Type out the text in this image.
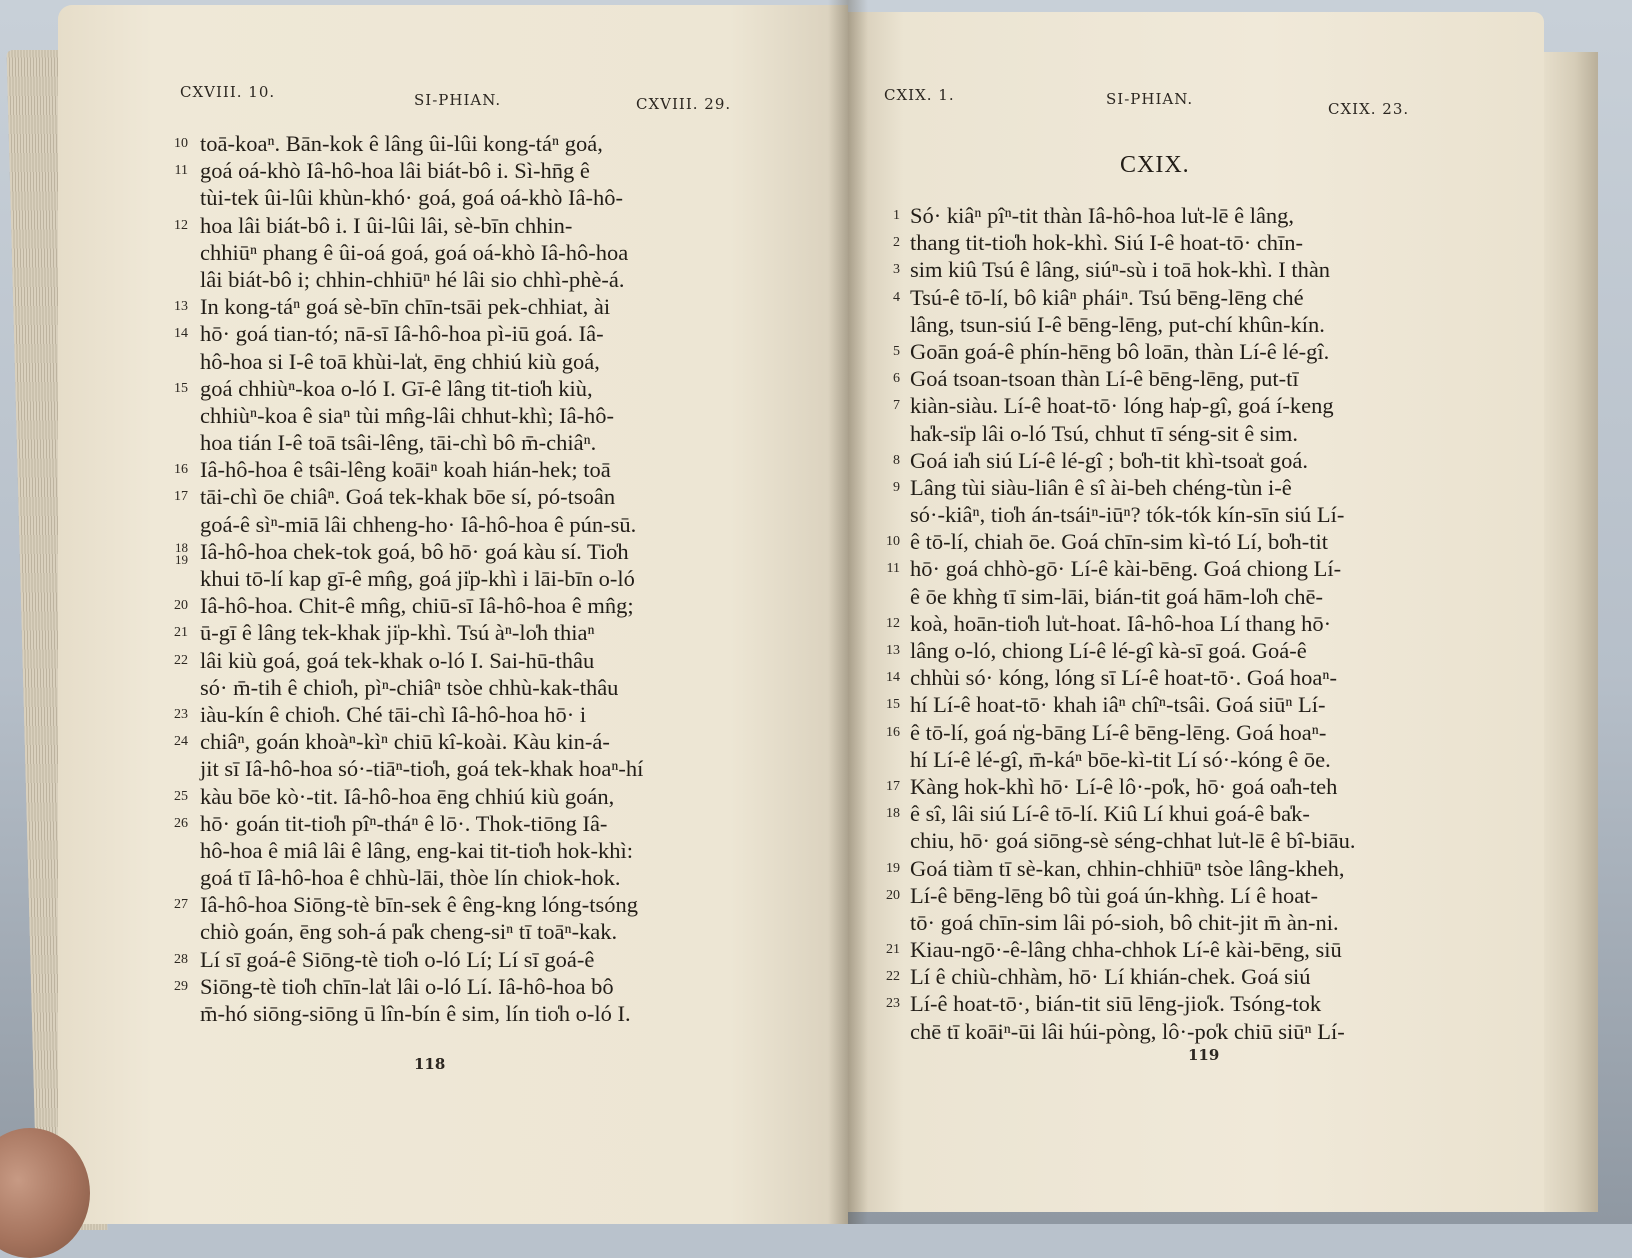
CXVIII. 10.	SI-PHIAN.	CXVIII. 29.
10 toā-koaⁿ. Bān-kok ê lâng ûi-lûi kong-táⁿ goá,
11 goá oá-khò Iâ-hô-hoa lâi biát-bô i. Sì-hn̄g ê
tùi-tek ûi-lûi khùn-khó· goá, goá oá-khò Iâ-hô-
12 hoa lâi biát-bô i. I ûi-lûi lâi, sè-bīn chhin-
chhiūⁿ phang ê ûi-oá goá, goá oá-khò Iâ-hô-hoa
lâi biát-bô i; chhin-chhiūⁿ hé lâi sio chhì-phè-á.
13 In kong-táⁿ goá sè-bīn chīn-tsāi pek-chhiat, ài
14 hō· goá tian-tó; nā-sī Iâ-hô-hoa pì-iū goá. Iâ-
hô-hoa si I-ê toā khùi-la̍t, ēng chhiú kiù goá,
15 goá chhiùⁿ-koa o-ló I. Gī-ê lâng tit-tio̍h kiù,
chhiùⁿ-koa ê siaⁿ tùi mn̂g-lâi chhut-khì; Iâ-hô-
hoa tián I-ê toā tsâi-lêng, tāi-chì bô m̄-chiâⁿ.
16 Iâ-hô-hoa ê tsâi-lêng koāiⁿ koah hián-hek; toā
17 tāi-chì ōe chiâⁿ. Goá tek-khak bōe sí, pó-tsoân
goá-ê sìⁿ-miā lâi chheng-ho· Iâ-hô-hoa ê pún-sū.
18
19 Iâ-hô-hoa chek-tok goá, bô hō· goá kàu sí. Tio̍h
khui tō-lí kap gī-ê mn̂g, goá ji̍p-khì i lāi-bīn o-ló
20 Iâ-hô-hoa. Chit-ê mn̂g, chiū-sī Iâ-hô-hoa ê mn̂g;
21 ū-gī ê lâng tek-khak ji̍p-khì. Tsú àⁿ-lo̍h thiaⁿ
22 lâi kiù goá, goá tek-khak o-ló I. Sai-hū-thâu
só· m̄-tih ê chio̍h, pìⁿ-chiâⁿ tsòe chhù-kak-thâu
23 iàu-kín ê chio̍h. Ché tāi-chì Iâ-hô-hoa hō· i
24 chiâⁿ, goán khoàⁿ-kìⁿ chiū kî-koài. Kàu kin-á-
jit sī Iâ-hô-hoa só·-tiāⁿ-tio̍h, goá tek-khak hoaⁿ-hí
25 kàu bōe kò·-tit. Iâ-hô-hoa ēng chhiú kiù goán,
26 hō· goán tit-tio̍h pîⁿ-tháⁿ ê lō·. Thok-tiōng Iâ-
hô-hoa ê miâ lâi ê lâng, eng-kai tit-tio̍h hok-khì:
goá tī Iâ-hô-hoa ê chhù-lāi, thòe lín chiok-hok.
27 Iâ-hô-hoa Siōng-tè bīn-sek ê êng-kng lóng-tsóng
chiò goán, ēng soh-á pa̍k cheng-siⁿ tī toāⁿ-kak.
28 Lí sī goá-ê Siōng-tè tio̍h o-ló Lí; Lí sī goá-ê
29 Siōng-tè tio̍h chīn-la̍t lâi o-ló Lí. Iâ-hô-hoa bô
m̄-hó siōng-siōng ū lîn-bín ê sim, lín tio̍h o-ló I.
118
CXIX. 1.	SI-PHIAN.
CXIX. 23.
CXIX.
1 Só· kiâⁿ pîⁿ-tit thàn Iâ-hô-hoa lu̍t-lē ê lâng,
2 thang tit-tio̍h hok-khì. Siú I-ê hoat-tō· chīn-
3 sim kiû Tsú ê lâng, siúⁿ-sù i toā hok-khì. I thàn
4 Tsú-ê tō-lí, bô kiâⁿ pháiⁿ. Tsú bēng-lēng ché
lâng, tsun-siú I-ê bēng-lēng, put-chí khûn-kín.
5 Goān goá-ê phín-hēng bô loān, thàn Lí-ê lé-gî.
6 Goá tsoan-tsoan thàn Lí-ê bēng-lēng, put-tī
7 kiàn-siàu. Lí-ê hoat-tō· lóng ha̍p-gî, goá í-keng
ha̍k-si̍p lâi o-ló Tsú, chhut tī séng-sit ê sim.
8 Goá ia̍h siú Lí-ê lé-gî ; bo̍h-tit khì-tsoa̍t goá.
9 Lâng tùi siàu-liân ê sî ài-beh chéng-tùn i-ê
só·-kiâⁿ, tio̍h án-tsáiⁿ-iūⁿ? tók-tók kín-sīn siú Lí-
10 ê tō-lí, chiah ōe. Goá chīn-sim kì-tó Lí, bo̍h-tit
11 hō· goá chhò-gō· Lí-ê kài-bēng. Goá chiong Lí-
ê ōe khǹg tī sim-lāi, bián-tit goá hām-lo̍h chē-
12 koà, hoān-tio̍h lu̍t-hoat. Iâ-hô-hoa Lí thang hō·
13 lâng o-ló, chiong Lí-ê lé-gî kà-sī goá. Goá-ê
14 chhùi só· kóng, lóng sī Lí-ê hoat-tō·. Goá hoaⁿ-
15 hí Lí-ê hoat-tō· khah iâⁿ chîⁿ-tsâi. Goá siūⁿ Lí-
16 ê tō-lí, goá n̍g-bāng Lí-ê bēng-lēng. Goá hoaⁿ-
hí Lí-ê lé-gî, m̄-káⁿ bōe-kì-tit Lí só·-kóng ê ōe.
17 Kàng hok-khì hō· Lí-ê lô·-po̍k, hō· goá oa̍h-teh
18 ê sî, lâi siú Lí-ê tō-lí. Kiû Lí khui goá-ê ba̍k-
chiu, hō· goá siōng-sè séng-chhat lu̍t-lē ê bî-biāu.
19 Goá tiàm tī sè-kan, chhin-chhiūⁿ tsòe lâng-kheh,
20 Lí-ê bēng-lēng bô tùi goá ún-khǹg. Lí ê hoat-
tō· goá chīn-sim lâi pó-sioh, bô chit-jit m̄ àn-ni.
21 Kiau-ngō·-ê-lâng chha-chhok Lí-ê kài-bēng, siū
22 Lí ê chiù-chhàm, hō· Lí khián-chek. Goá siú
23 Lí-ê hoat-tō·, bián-tit siū lēng-jio̍k. Tsóng-tok
chē tī koāiⁿ-ūi lâi húi-pòng, lô·-po̍k chiū siūⁿ Lí-
119
